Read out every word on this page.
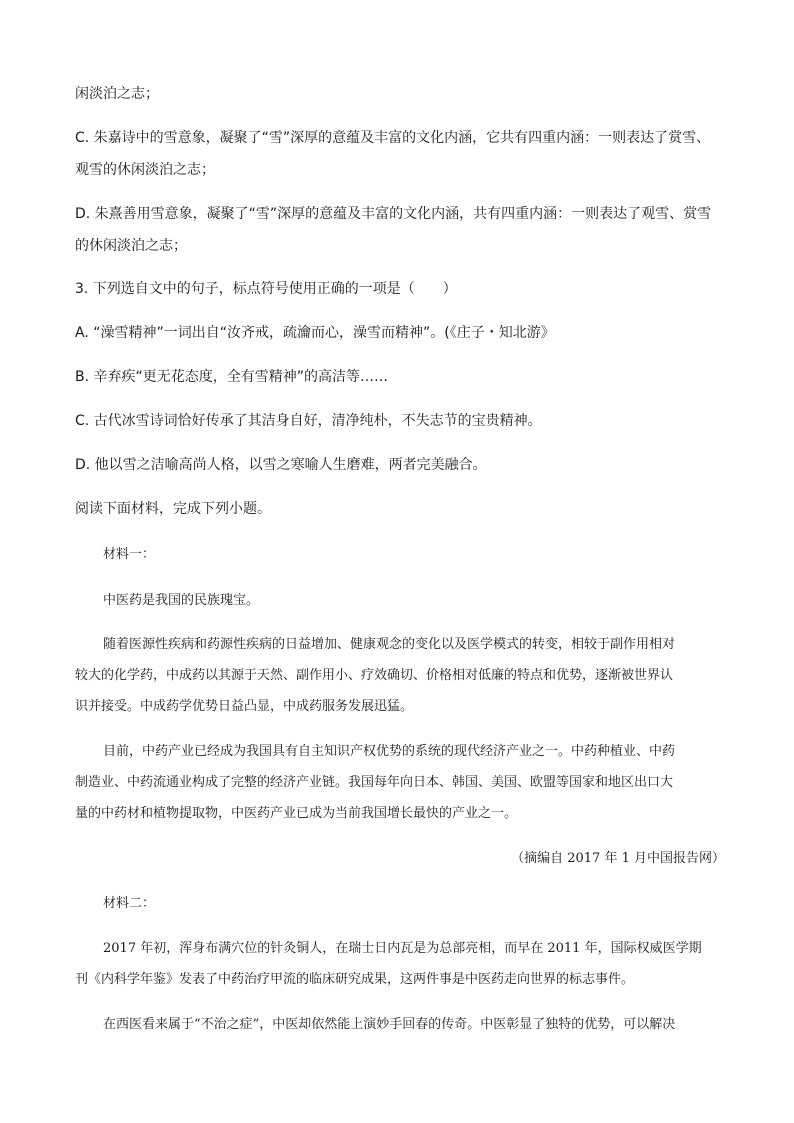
闲淡泊之志；
C. 朱嘉诗中的雪意象，凝聚了“雪”深厚的意蕴及丰富的文化内涵，它共有四重内涵：一则表达了赏雪、
观雪的休闲淡泊之志；
D. 朱熹善用雪意象，凝聚了“雪”深厚的意蕴及丰富的文化内涵，共有四重内涵：一则表达了观雪、赏雪
的休闲淡泊之志；
3. 下列选自文中的句子，标点符号使用正确的一项是（　　）
A. “澡雪精神”一词出自“汝齐戒，疏瀹而心，澡雪而精神”。(《庄子・知北游》
B. 辛弃疾“更无花态度，全有雪精神”的高洁等……
C. 古代冰雪诗词恰好传承了其洁身自好，清净纯朴，不失志节的宝贵精神。
D. 他以雪之洁喻高尚人格，以雪之寒喻人生磨难，两者完美融合。
阅读下面材料，完成下列小题。
材料一：
中医药是我国的民族瑰宝。
随着医源性疾病和药源性疾病的日益增加、健康观念的变化以及医学模式的转变，相较于副作用相对
较大的化学药，中成药以其源于天然、副作用小、疗效确切、价格相对低廉的特点和优势，逐渐被世界认
识并接受。中成药学优势日益凸显，中成药服务发展迅猛。
目前，中药产业已经成为我国具有自主知识产权优势的系统的现代经济产业之一。中药种植业、中药
制造业、中药流通业构成了完整的经济产业链。我国每年向日本、韩国、美国、欧盟等国家和地区出口大
量的中药材和植物提取物，中医药产业已成为当前我国增长最快的产业之一。
（摘编自 2017 年 1 月中国报告网）
材料二：
2017 年初，浑身布满穴位的针灸铜人，在瑞士日内瓦是为总部亮相，而早在 2011 年，国际权威医学期
刊《内科学年鉴》发表了中药治疗甲流的临床研究成果，这两件事是中医药走向世界的标志事件。
在西医看来属于“不治之症”，中医却依然能上演妙手回春的传奇。中医彰显了独特的优势，可以解决
